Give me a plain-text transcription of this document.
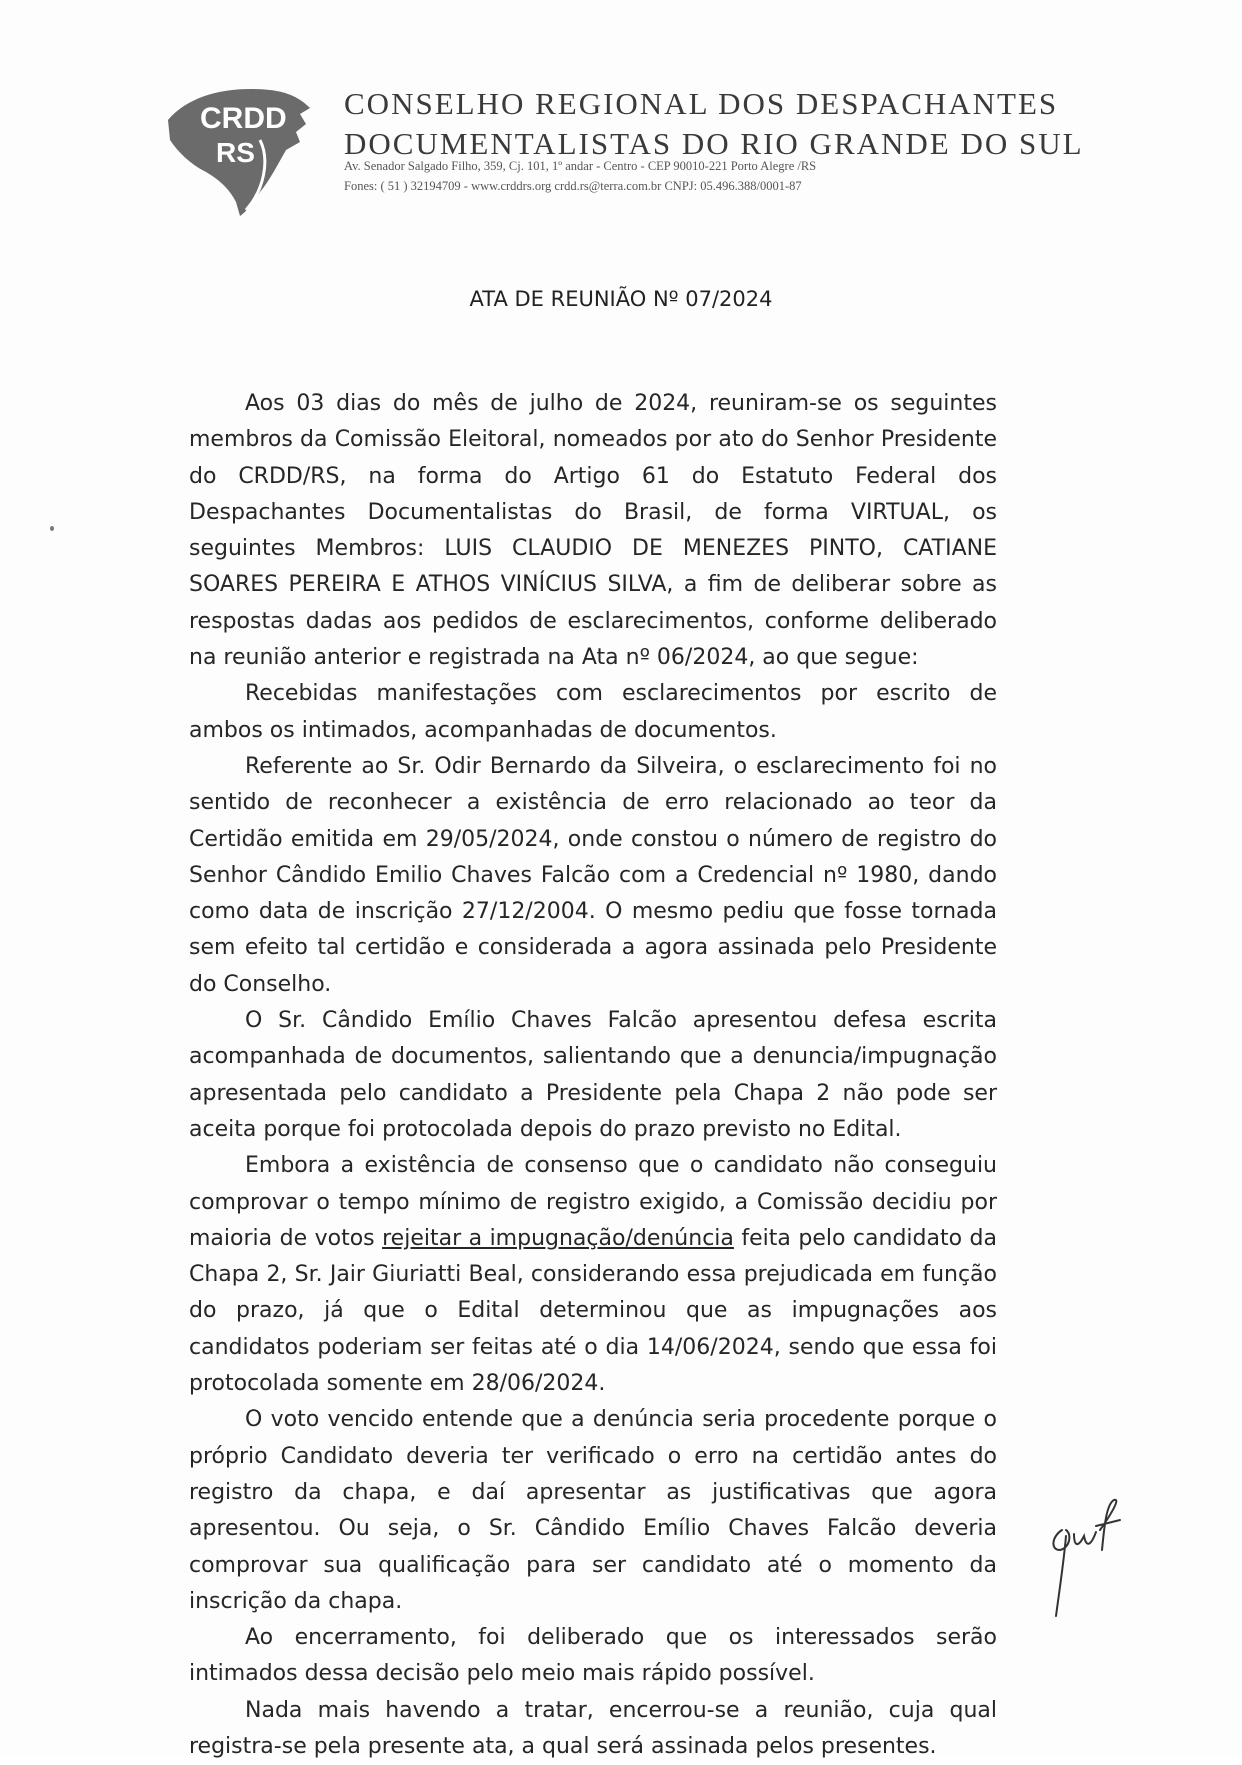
CRDD
RS
CONSELHO REGIONAL DOS DESPACHANTES
DOCUMENTALISTAS DO RIO GRANDE DO SUL
Av. Senador Salgado Filho, 359, Cj. 101, 1º andar - Centro - CEP 90010-221 Porto Alegre /RS
Fones: ( 51 ) 32194709 - www.crddrs.org crdd.rs@terra.com.br CNPJ: 05.496.388/0001-87
ATA DE REUNIÃO Nº 07/2024

Aos 03 dias do mês de julho de 2024, reuniram-se os seguintes membros da Comissão Eleitoral, nomeados por ato do Senhor Presidente do CRDD/RS, na forma do Artigo 61 do Estatuto Federal dos Despachantes Documentalistas do Brasil, de forma VIRTUAL, os seguintes Membros: LUIS CLAUDIO DE MENEZES PINTO, CATIANE SOARES PEREIRA E ATHOS VINÍCIUS SILVA, a fim de deliberar sobre as respostas dadas aos pedidos de esclarecimentos, conforme deliberado na reunião anterior e registrada na Ata nº 06/2024, ao que segue:

Recebidas manifestações com esclarecimentos por escrito de ambos os intimados, acompanhadas de documentos.

Referente ao Sr. Odir Bernardo da Silveira, o esclarecimento foi no sentido de reconhecer a existência de erro relacionado ao teor da Certidão emitida em 29/05/2024, onde constou o número de registro do Senhor Cândido Emilio Chaves Falcão com a Credencial nº 1980, dando como data de inscrição 27/12/2004. O mesmo pediu que fosse tornada sem efeito tal certidão e considerada a agora assinada pelo Presidente do Conselho.

O Sr. Cândido Emílio Chaves Falcão apresentou defesa escrita acompanhada de documentos, salientando que a denuncia/impugnação apresentada pelo candidato a Presidente pela Chapa 2 não pode ser aceita porque foi protocolada depois do prazo previsto no Edital.

Embora a existência de consenso que o candidato não conseguiu comprovar o tempo mínimo de registro exigido, a Comissão decidiu por maioria de votos rejeitar a impugnação/denúncia feita pelo candidato da Chapa 2, Sr. Jair Giuriatti Beal, considerando essa prejudicada em função do prazo, já que o Edital determinou que as impugnações aos candidatos poderiam ser feitas até o dia 14/06/2024, sendo que essa foi protocolada somente em 28/06/2024.

O voto vencido entende que a denúncia seria procedente porque o próprio Candidato deveria ter verificado o erro na certidão antes do registro da chapa, e daí apresentar as justificativas que agora apresentou. Ou seja, o Sr. Cândido Emílio Chaves Falcão deveria comprovar sua qualificação para ser candidato até o momento da inscrição da chapa.

Ao encerramento, foi deliberado que os interessados serão intimados dessa decisão pelo meio mais rápido possível.

Nada mais havendo a tratar, encerrou-se a reunião, cuja qual registra-se pela presente ata, a qual será assinada pelos presentes.
